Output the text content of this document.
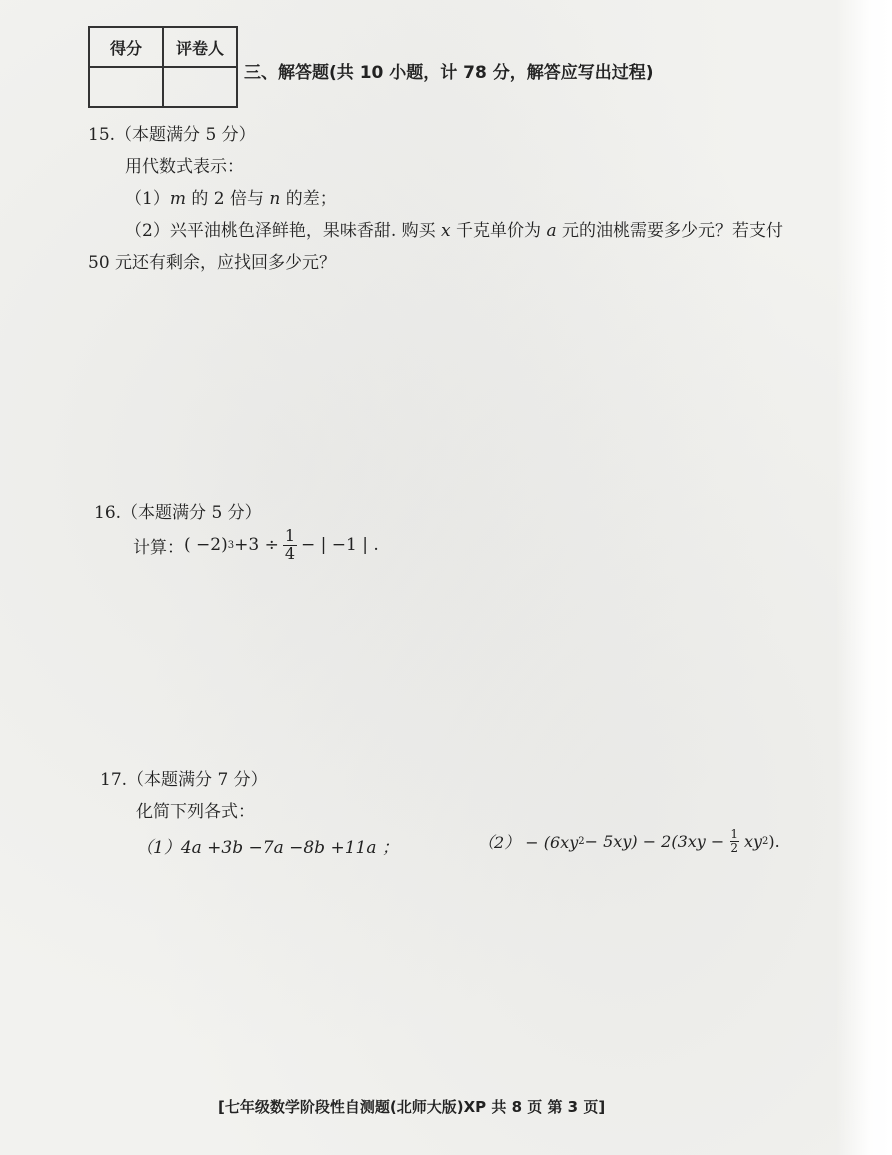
得分	评卷人

三、解答题(共 10 小题，计 78 分，解答应写出过程)
15.（本题满分 5 分）
用代数式表示：
（1）m 的 2 倍与 n 的差；
（2）兴平油桃色泽鲜艳，果味香甜. 购买 x 千克单价为 a 元的油桃需要多少元？若支付
50 元还有剩余，应找回多少元？
16.（本题满分 5 分）
计算： ( −2) $3 +3 \div \frac{1}{4}$ − | −1 | .
17.（本题满分 7 分）
化简下列各式：
（1）4a +3b −7a −8b +11a ；	（2） − (6xy $2 - 5xy) - 2(3xy - \frac{1}{2}$ xy 2 ).
[七年级数学阶段性自测题(北师大版)XP 共 8 页 第 3 页]
